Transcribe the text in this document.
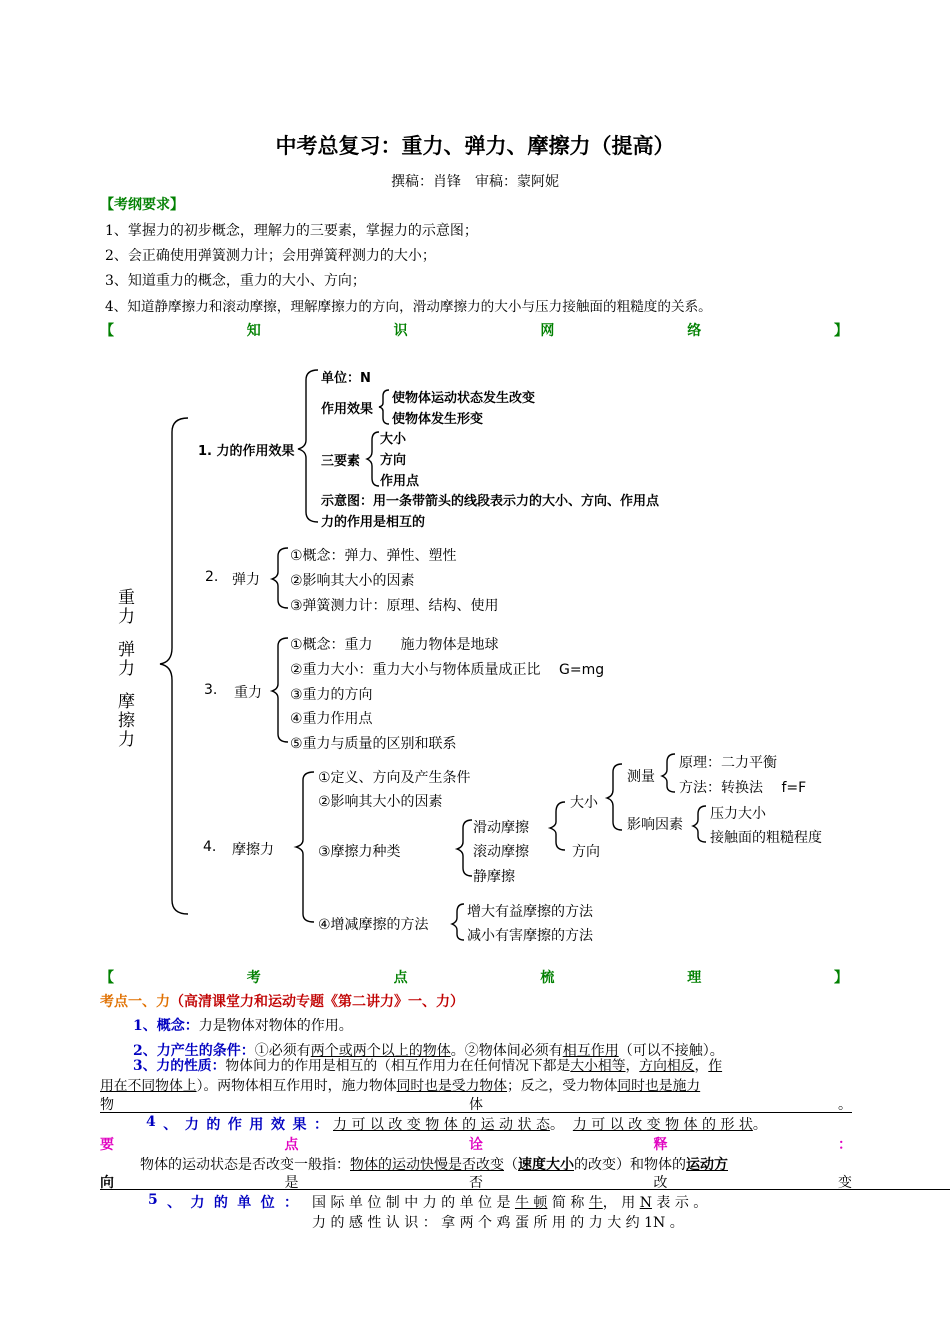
中考总复习：重力、弹力、摩擦力（提高）
撰稿：肖锋　审稿：蒙阿妮
【考纲要求】
1、掌握力的初步概念，理解力的三要素，掌握力的示意图；
2、会正确使用弹簧测力计；会用弹簧秤测力的大小；
3、知道重力的概念，重力的大小、方向；
4、知道静摩擦力和滚动摩擦，理解摩擦力的方向，滑动摩擦力的大小与压力接触面的粗糙度的关系。
【	知	识	网	络	】
重力弹力摩擦力
1. 力的作用效果
单位：N
作用效果
使物体运动状态发生改变
使物体发生形变
三要素
大小
方向
作用点
示意图：用一条带箭头的线段表示力的大小、方向、作用点
力的作用是相互的
2. 弹力
①概念：弹力、弹性、塑性
②影响其大小的因素
③弹簧测力计：原理、结构、使用
3. 重力
①概念：重力　　施力物体是地球
②重力大小：重力大小与物体质量成正比　 G=mg
③重力的方向
④重力作用点
⑤重力与质量的区别和联系
4. 摩擦力
①定义、方向及产生条件
②影响其大小的因素
③摩擦力种类
④增减摩擦的方法
滑动摩擦
滚动摩擦
静摩擦
大小
方向
测量
原理：二力平衡
方法：转换法　 f=F
影响因素
压力大小
接触面的粗糙程度
增大有益摩擦的方法
减小有害摩擦的方法
【	考	点	梳	理	】
考点一、力（高清课堂力和运动专题《第二讲力》一、力）
1、概念：力是物体对物体的作用。
2、力产生的条件：①必须有两个或两个以上的物体。②物体间必须有相互作用（可以不接触）。
3、力的性质：物体间力的作用是相互的（相互作用力在任何情况下都是大小相等，方向相反，作
用在不同物体上）。两物体相互作用时，施力物体同时也是受力物体；反之，受力物体同时也是施力
物	体	。
4 、 力 的 作 用 效 果 ： 力 可 以 改 变 物 体 的 运 动 状 态。 力 可 以 改 变 物 体 的 形 状。
要	点	诠	释	：
物体的运动状态是否改变一般指：物体的运动快慢是否改变（速度大小的改变）和物体的运动方
向	是	否	改	变
5 、 力 的 单 位 ： 国 际 单 位 制 中 力 的 单 位 是 牛 顿 简 称 牛， 用 N 表 示 。
力 的 感 性 认 识 ： 拿 两 个 鸡 蛋 所 用 的 力 大 约 1N 。
